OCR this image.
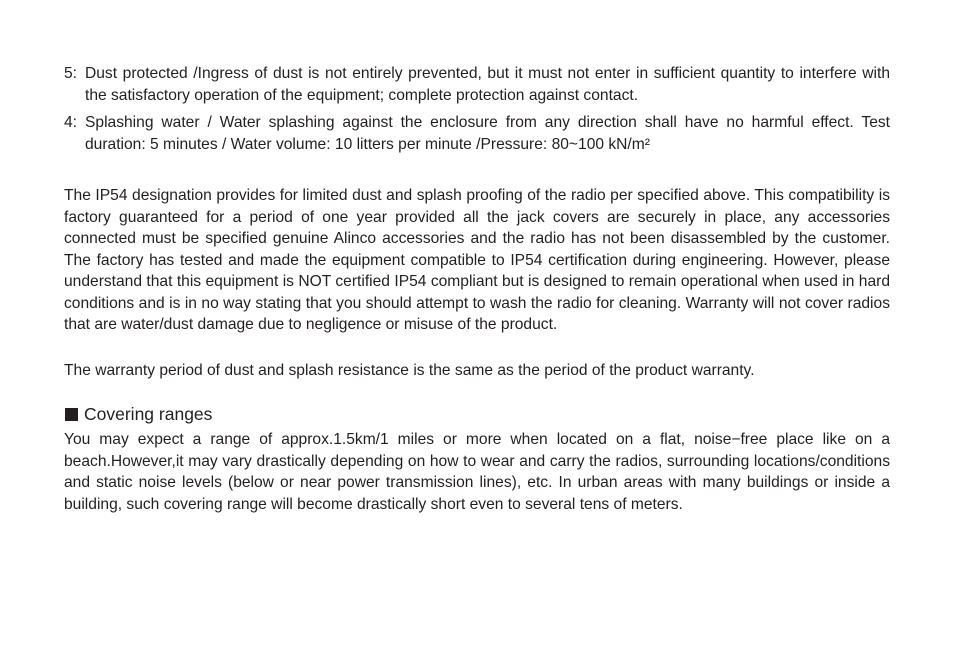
5: Dust protected /Ingress of dust is not entirely prevented, but it must not enter in sufficient quantity to interfere with the satisfactory operation of the equipment; complete protection against contact.
4: Splashing water / Water splashing against the enclosure from any direction shall have no harmful effect. Test duration: 5 minutes / Water volume: 10 litters per minute /Pressure: 80~100 kN/m²

The IP54 designation provides for limited dust and splash proofing of the radio per specified above. This compatibility is factory guaranteed for a period of one year provided all the jack covers are securely in place, any accessories connected must be specified genuine Alinco accessories and the radio has not been disassembled by the customer. The factory has tested and made the equipment compatible to IP54 certification during engineering. However, please understand that this equipment is NOT certified IP54 compliant but is designed to remain operational when used in hard conditions and is in no way stating that you should attempt to wash the radio for cleaning. Warranty will not cover radios that are water/dust damage due to negligence or misuse of the product.

The warranty period of dust and splash resistance is the same as the period of the product warranty.

Covering ranges

You may expect a range of approx.1.5km/1 miles or more when located on a flat, noise−free place like on a beach.However,it may vary drastically depending on how to wear and carry the radios, surrounding locations/conditions and static noise levels (below or near power transmission lines), etc. In urban areas with many buildings or inside a building, such covering range will become drastically short even to several tens of meters.
